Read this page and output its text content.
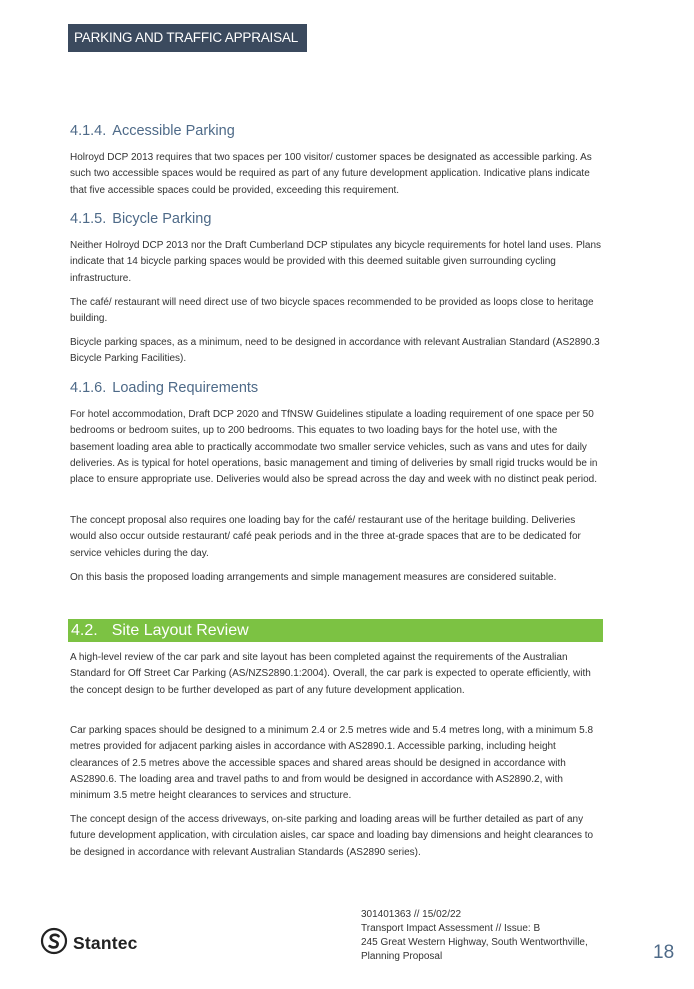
PARKING AND TRAFFIC APPRAISAL
4.1.4. Accessible Parking

Holroyd DCP 2013 requires that two spaces per 100 visitor/ customer spaces be designated as accessible parking. As such two accessible spaces would be required as part of any future development application. Indicative plans indicate that five accessible spaces could be provided, exceeding this requirement.

4.1.5. Bicycle Parking

Neither Holroyd DCP 2013 nor the Draft Cumberland DCP stipulates any bicycle requirements for hotel land uses. Plans indicate that 14 bicycle parking spaces would be provided with this deemed suitable given surrounding cycling infrastructure.

The café/ restaurant will need direct use of two bicycle spaces recommended to be provided as loops close to heritage building.

Bicycle parking spaces, as a minimum, need to be designed in accordance with relevant Australian Standard (AS2890.3 Bicycle Parking Facilities).

4.1.6. Loading Requirements

For hotel accommodation, Draft DCP 2020 and TfNSW Guidelines stipulate a loading requirement of one space per 50 bedrooms or bedroom suites, up to 200 bedrooms. This equates to two loading bays for the hotel use, with the basement loading area able to practically accommodate two smaller service vehicles, such as vans and utes for daily deliveries. As is typical for hotel operations, basic management and timing of deliveries by small rigid trucks would be in place to ensure appropriate use. Deliveries would also be spread across the day and week with no distinct peak period.

The concept proposal also requires one loading bay for the café/ restaurant use of the heritage building. Deliveries would also occur outside restaurant/ café peak periods and in the three at-grade spaces that are to be dedicated for service vehicles during the day.

On this basis the proposed loading arrangements and simple management measures are considered suitable.

A high-level review of the car park and site layout has been completed against the requirements of the Australian Standard for Off Street Car Parking (AS/NZS2890.1:2004). Overall, the car park is expected to operate efficiently, with the concept design to be further developed as part of any future development application.

Car parking spaces should be designed to a minimum 2.4 or 2.5 metres wide and 5.4 metres long, with a minimum 5.8 metres provided for adjacent parking aisles in accordance with AS2890.1. Accessible parking, including height clearances of 2.5 metres above the accessible spaces and shared areas should be designed in accordance with AS2890.6. The loading area and travel paths to and from would be designed in accordance with AS2890.2, with minimum 3.5 metre height clearances to services and structure.

The concept design of the access driveways, on-site parking and loading areas will be further detailed as part of any future development application, with circulation aisles, car space and loading bay dimensions and height clearances to be designed in accordance with relevant Australian Standards (AS2890 series).

4.2. Site Layout Review
Stantec
301401363 // 15/02/22
Transport Impact Assessment // Issue: B
245 Great Western Highway, South Wentworthville,
Planning Proposal	18
